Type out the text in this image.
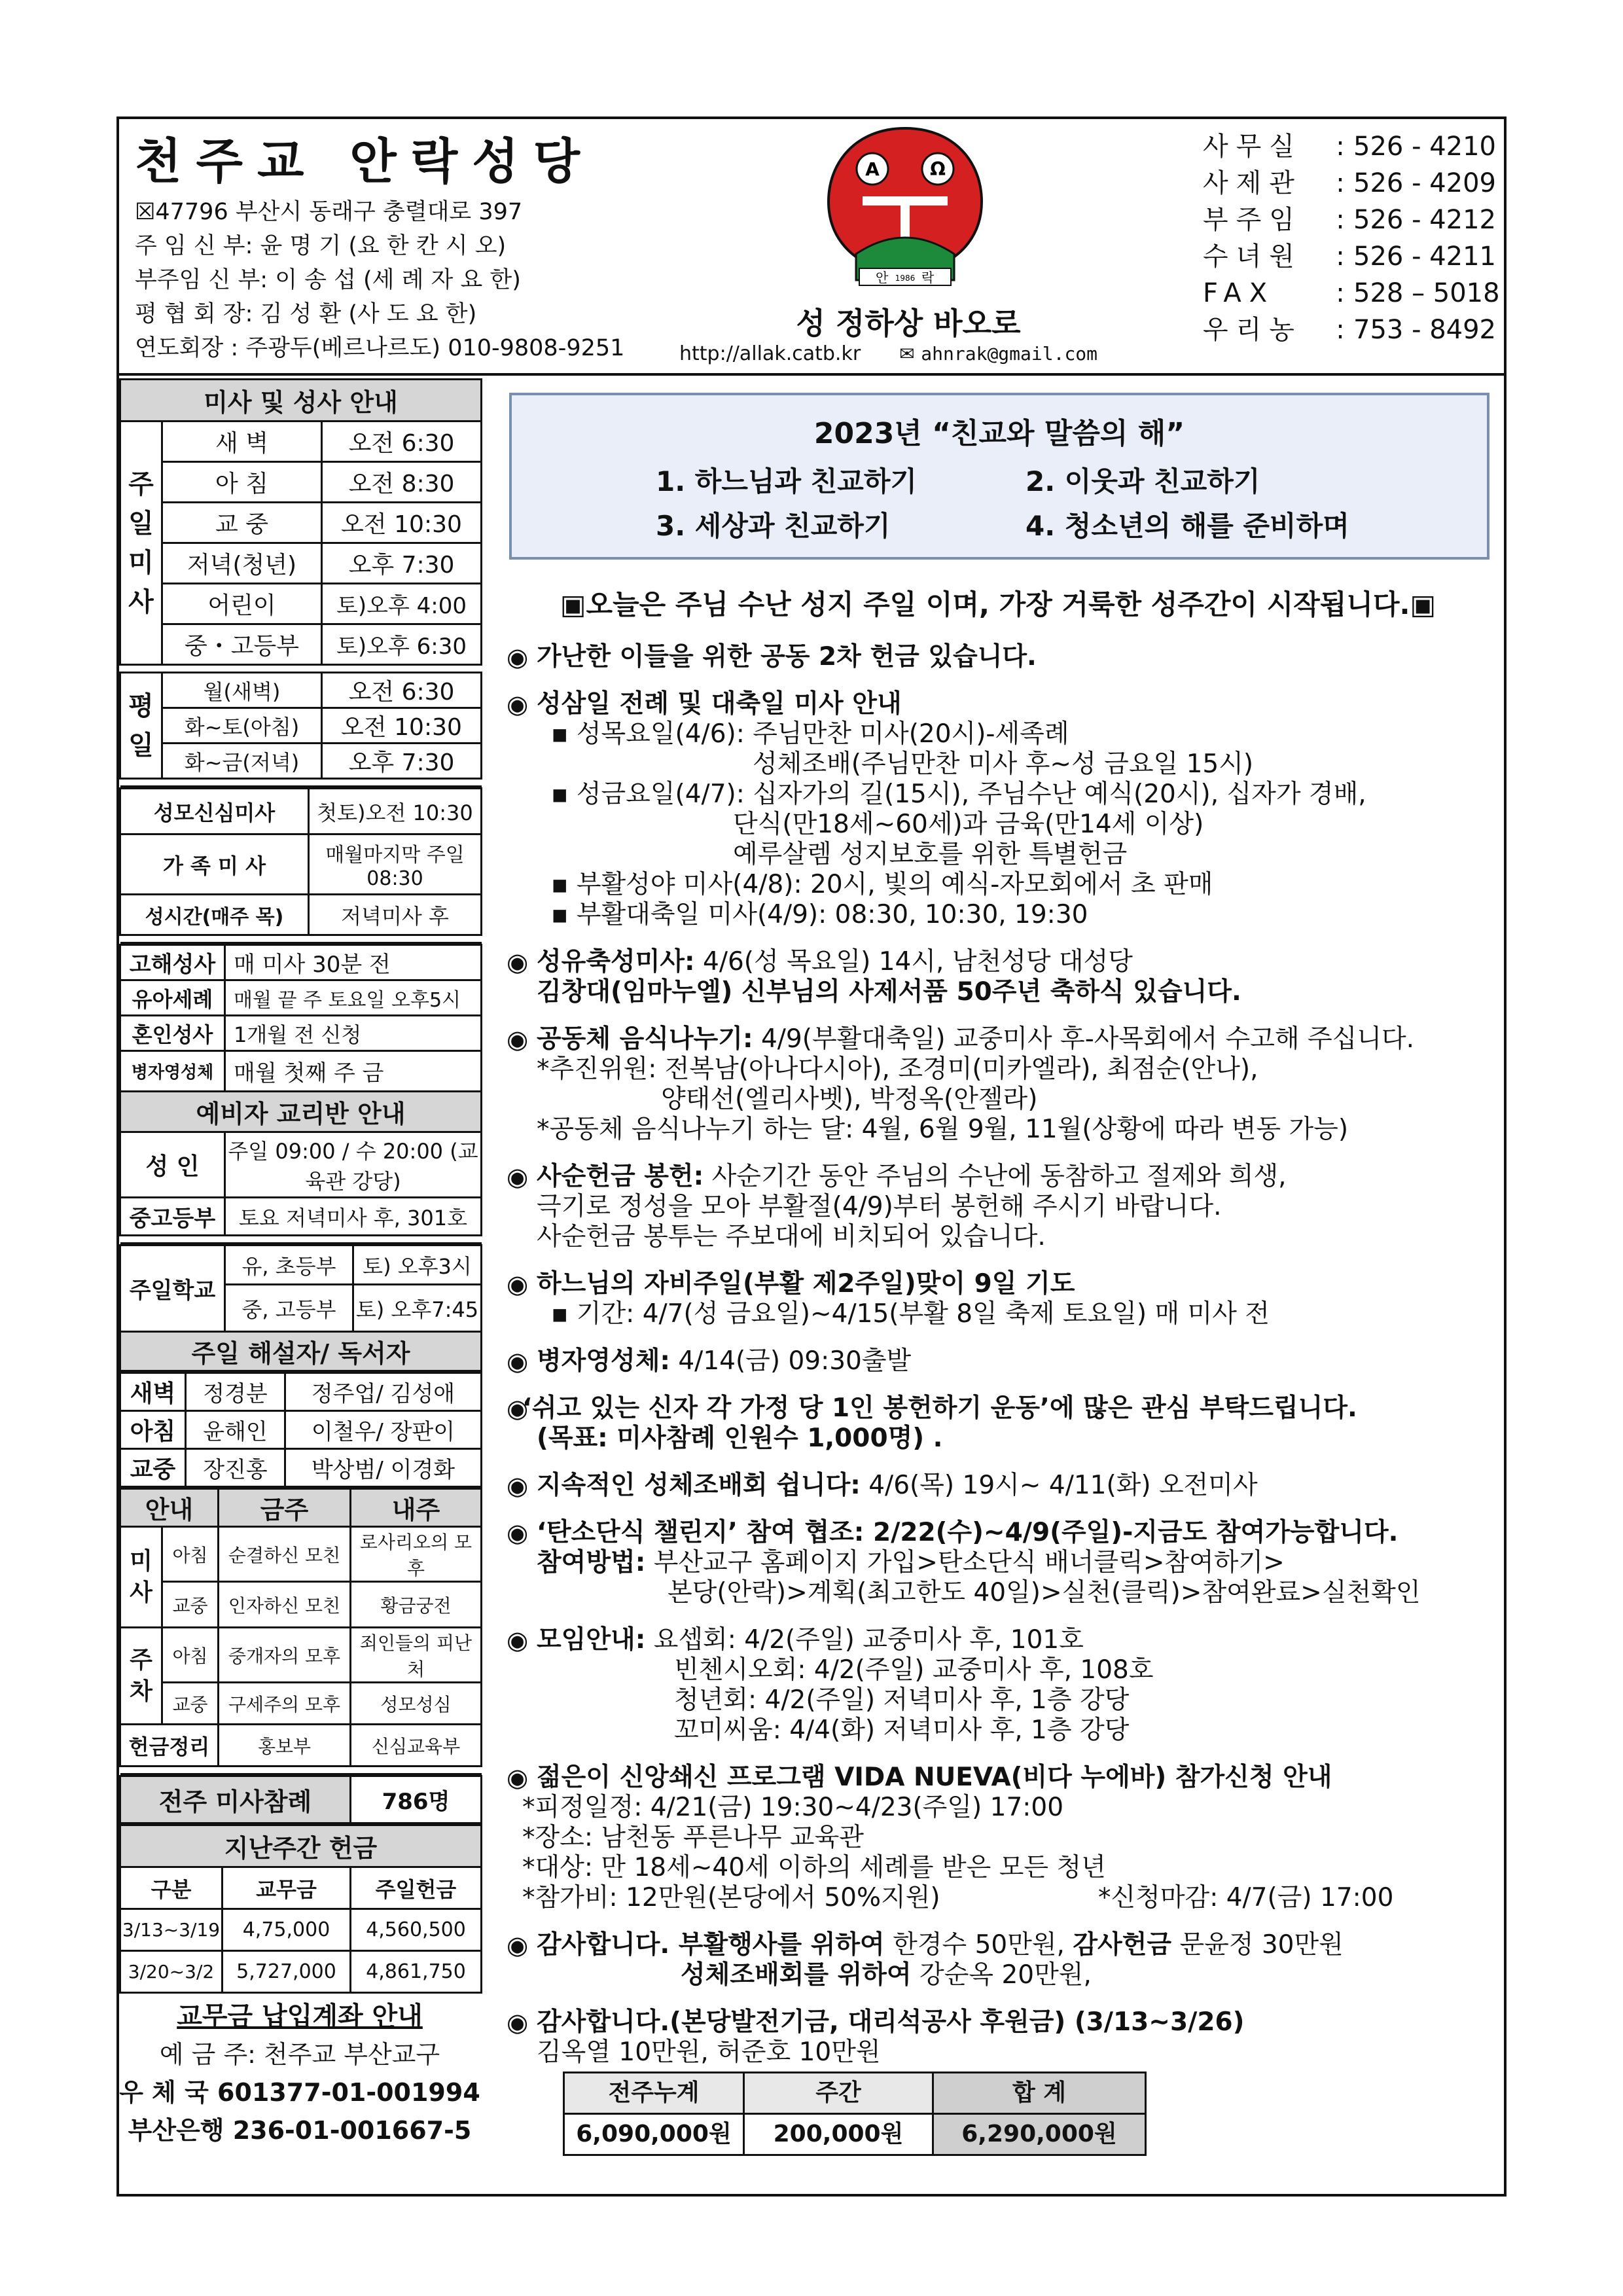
천주교 안락성당
☒47796 부산시 동래구 충렬대로 397
주 임 신 부: 윤 명 기 (요 한 칸 시 오)
부주임 신 부: 이 송 섭 (세 례 자 요 한)
평 협 회 장: 김 성 환 (사 도 요 한)
연도회장 : 주광두(베르나르도) 010-9808-9251
A	Ω
안 1986 락
성 정하상 바오로
http://allak.catb.kr ✉ ahnrak@gmail.com
사무실	: 526 - 4210
사제관	: 526 - 4209
부주임	: 526 - 4212
수녀원	: 526 - 4211
FAX	: 528 – 5018
우리농	: 753 - 8492
미사 및 성사 안내		
주
일
미
사	새 벽	오전 6:30
	아 침	오전 8:30
	교 중	오전 10:30
	저녁(청년)	오후 7:30
	어린이	토)오후 4:00
	중・고등부	토)오후 6:30

평
일	월(새벽)	오전 6:30
	화~토(아침)	오전 10:30
	화~금(저녁)	오후 7:30

성모신심미사	첫토)오전 10:30
가 족 미 사	매월마지막 주일 08:30
성시간(매주 목)	저녁미사 후

고해성사	매 미사 30분 전
유아세례	매월 끝 주 토요일 오후5시
혼인성사	1개월 전 신청
병자영성체	매월 첫째 주 금
예비자 교리반 안내	
성 인	주일 09:00 / 수 20:00 (교육관 강당)
중고등부	토요 저녁미사 후, 301호

주일학교	유, 초등부	토) 오후3시
	중, 고등부	토) 오후7:45
주일 해설자/ 독서자		
새벽	정경분	정주업/ 김성애
아침	윤해인	이철우/ 장판이
교중	장진홍	박상범/ 이경화
안내		금주	내주
미
사	아침	순결하신 모친	로사리오의 모후
	교중	인자하신 모친	황금궁전
주
차	아침	중개자의 모후	죄인들의 피난처
	교중	구세주의 모후	성모성심
헌금정리		홍보부	신심교육부

전주 미사참례	786명
지난주간 헌금		
구분	교무금	주일헌금
3/13~3/19	4,75,000	4,560,500
3/20~3/2	5,727,000	4,861,750
교무금 납입계좌 안내
예 금 주: 천주교 부산교구
우 체 국 601377-01-001994
부산은행 236-01-001667-5
2023년 “친교와 말씀의 해”
1. 하느님과 친교하기	2. 이웃과 친교하기
3. 세상과 친교하기	4. 청소년의 해를 준비하며
▣오늘은 주님 수난 성지 주일 이며, 가장 거룩한 성주간이 시작됩니다.▣
◉ 가난한 이들을 위한 공동 2차 헌금 있습니다.
◉ 성삼일 전례 및 대축일 미사 안내
▪ 성목요일(4/6): 주님만찬 미사(20시)-세족례
성체조배(주님만찬 미사 후~성 금요일 15시)
▪ 성금요일(4/7): 십자가의 길(15시), 주님수난 예식(20시), 십자가 경배,
단식(만18세~60세)과 금육(만14세 이상)
예루살렘 성지보호를 위한 특별헌금
▪ 부활성야 미사(4/8): 20시, 빛의 예식-자모회에서 초 판매
▪ 부활대축일 미사(4/9): 08:30, 10:30, 19:30
◉ 성유축성미사: 4/6(성 목요일) 14시, 남천성당 대성당
김창대(임마누엘) 신부님의 사제서품 50주년 축하식 있습니다.
◉ 공동체 음식나누기: 4/9(부활대축일) 교중미사 후-사목회에서 수고해 주십니다.
*추진위원: 전복남(아나다시아), 조경미(미카엘라), 최점순(안나),
양태선(엘리사벳), 박정옥(안젤라)
*공동체 음식나누기 하는 달: 4월, 6월 9월, 11월(상황에 따라 변동 가능)
◉ 사순헌금 봉헌: 사순기간 동안 주님의 수난에 동참하고 절제와 희생,
극기로 정성을 모아 부활절(4/9)부터 봉헌해 주시기 바랍니다.
사순헌금 봉투는 주보대에 비치되어 있습니다.
◉ 하느님의 자비주일(부활 제2주일)맞이 9일 기도
▪ 기간: 4/7(성 금요일)~4/15(부활 8일 축제 토요일) 매 미사 전
◉ 병자영성체: 4/14(금) 09:30출발
◉
‘쉬고 있는 신자 각 가정 당 1인 봉헌하기 운동’에 많은 관심 부탁드립니다.
(목표: 미사참례 인원수 1,000명) .
◉ 지속적인 성체조배회 쉽니다: 4/6(목) 19시~ 4/11(화) 오전미사
◉ ‘탄소단식 챌린지’ 참여 협조: 2/22(수)~4/9(주일)-지금도 참여가능합니다.
참여방법: 부산교구 홈페이지 가입>탄소단식 배너클릭>참여하기>
본당(안락)>계획(최고한도 40일)>실천(클릭)>참여완료>실천확인
◉ 모임안내: 요셉회: 4/2(주일) 교중미사 후, 101호
빈첸시오회: 4/2(주일) 교중미사 후, 108호
청년회: 4/2(주일) 저녁미사 후, 1층 강당
꼬미씨움: 4/4(화) 저녁미사 후, 1층 강당
◉ 젊은이 신앙쇄신 프로그램 VIDA NUEVA(비다 누에바) 참가신청 안내
*피정일정: 4/21(금) 19:30~4/23(주일) 17:00
*장소: 남천동 푸른나무 교육관
*대상: 만 18세~40세 이하의 세례를 받은 모든 청년
*참가비: 12만원(본당에서 50%지원)	*신청마감: 4/7(금) 17:00
◉ 감사합니다. 부활행사를 위하여 한경수 50만원, 감사헌금 문윤정 30만원
성체조배회를 위하여 강순옥 20만원,
◉ 감사합니다.(본당발전기금, 대리석공사 후원금) (3/13~3/26)
김옥열 10만원, 허준호 10만원
전주누계	주간	합 계
6,090,000원	200,000원	6,290,000원
